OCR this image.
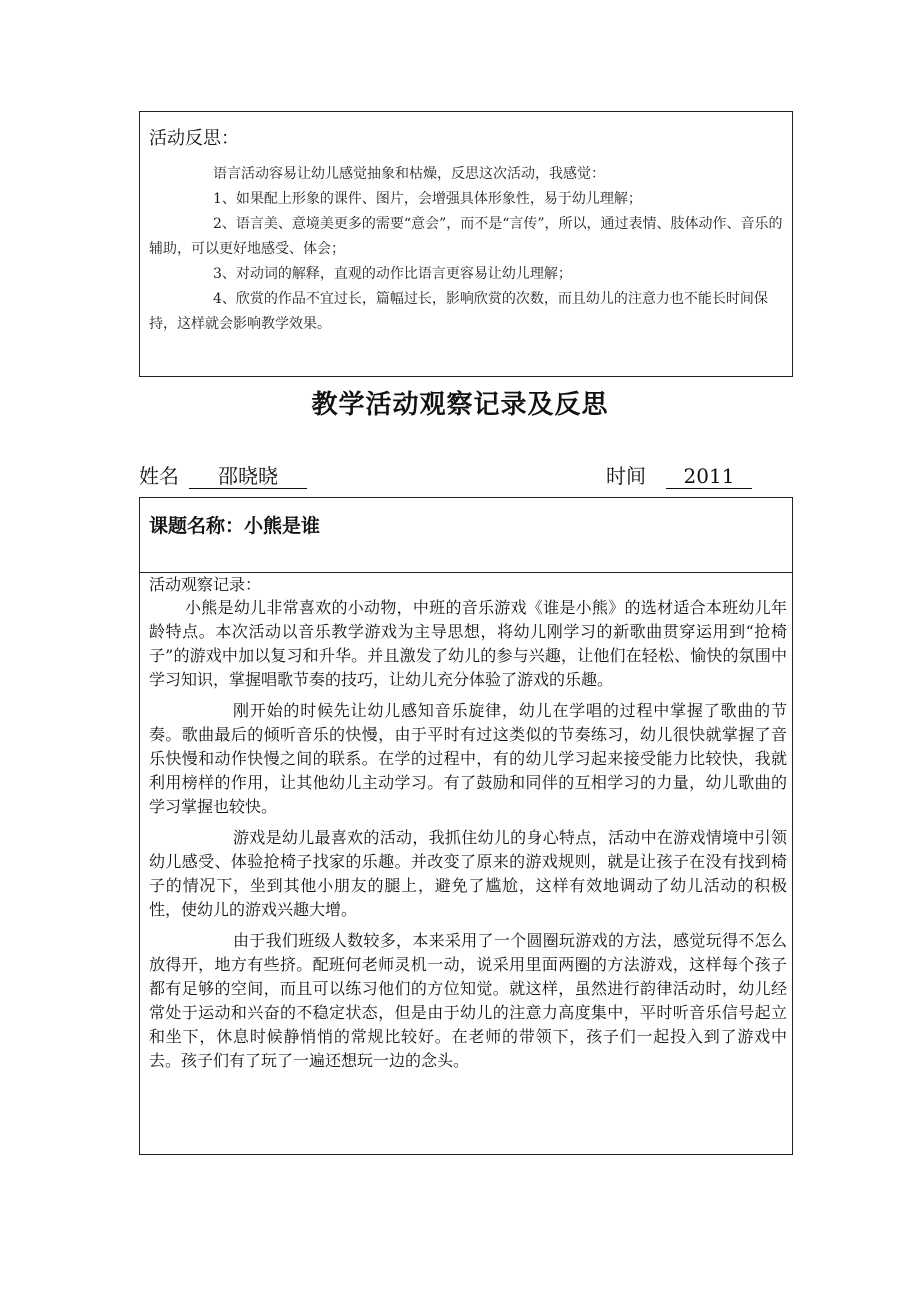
活动反思：

语言活动容易让幼儿感觉抽象和枯燥，反思这次活动，我感觉：

1、如果配上形象的课件、图片，会增强具体形象性，易于幼儿理解；

2、语言美、意境美更多的需要“意会”，而不是“言传”，所以，通过表情、肢体动作、音乐的辅助，可以更好地感受、体会；

3、对动词的解释，直观的动作比语言更容易让幼儿理解；

4、欣赏的作品不宜过长，篇幅过长，影响欣赏的次数，而且幼儿的注意力也不能长时间保持，这样就会影响教学效果。

教学活动观察记录及反思
姓名 邵晓晓	时间 2011
课题名称：小熊是谁
活动观察记录：

小熊是幼儿非常喜欢的小动物，中班的音乐游戏《谁是小熊》的选材适合本班幼儿年龄特点。本次活动以音乐教学游戏为主导思想，将幼儿刚学习的新歌曲贯穿运用到“抢椅子”的游戏中加以复习和升华。并且激发了幼儿的参与兴趣，让他们在轻松、愉快的氛围中学习知识，掌握唱歌节奏的技巧，让幼儿充分体验了游戏的乐趣。

刚开始的时候先让幼儿感知音乐旋律，幼儿在学唱的过程中掌握了歌曲的节奏。歌曲最后的倾听音乐的快慢，由于平时有过这类似的节奏练习，幼儿很快就掌握了音乐快慢和动作快慢之间的联系。在学的过程中，有的幼儿学习起来接受能力比较快，我就利用榜样的作用，让其他幼儿主动学习。有了鼓励和同伴的互相学习的力量，幼儿歌曲的学习掌握也较快。

游戏是幼儿最喜欢的活动，我抓住幼儿的身心特点，活动中在游戏情境中引领幼儿感受、体验抢椅子找家的乐趣。并改变了原来的游戏规则，就是让孩子在没有找到椅子的情况下，坐到其他小朋友的腿上，避免了尴尬，这样有效地调动了幼儿活动的积极性，使幼儿的游戏兴趣大增。

由于我们班级人数较多，本来采用了一个圆圈玩游戏的方法，感觉玩得不怎么放得开，地方有些挤。配班何老师灵机一动，说采用里面两圈的方法游戏，这样每个孩子都有足够的空间，而且可以练习他们的方位知觉。就这样，虽然进行韵律活动时，幼儿经常处于运动和兴奋的不稳定状态，但是由于幼儿的注意力高度集中，平时听音乐信号起立和坐下，休息时候静悄悄的常规比较好。在老师的带领下，孩子们一起投入到了游戏中去。孩子们有了玩了一遍还想玩一边的念头。
